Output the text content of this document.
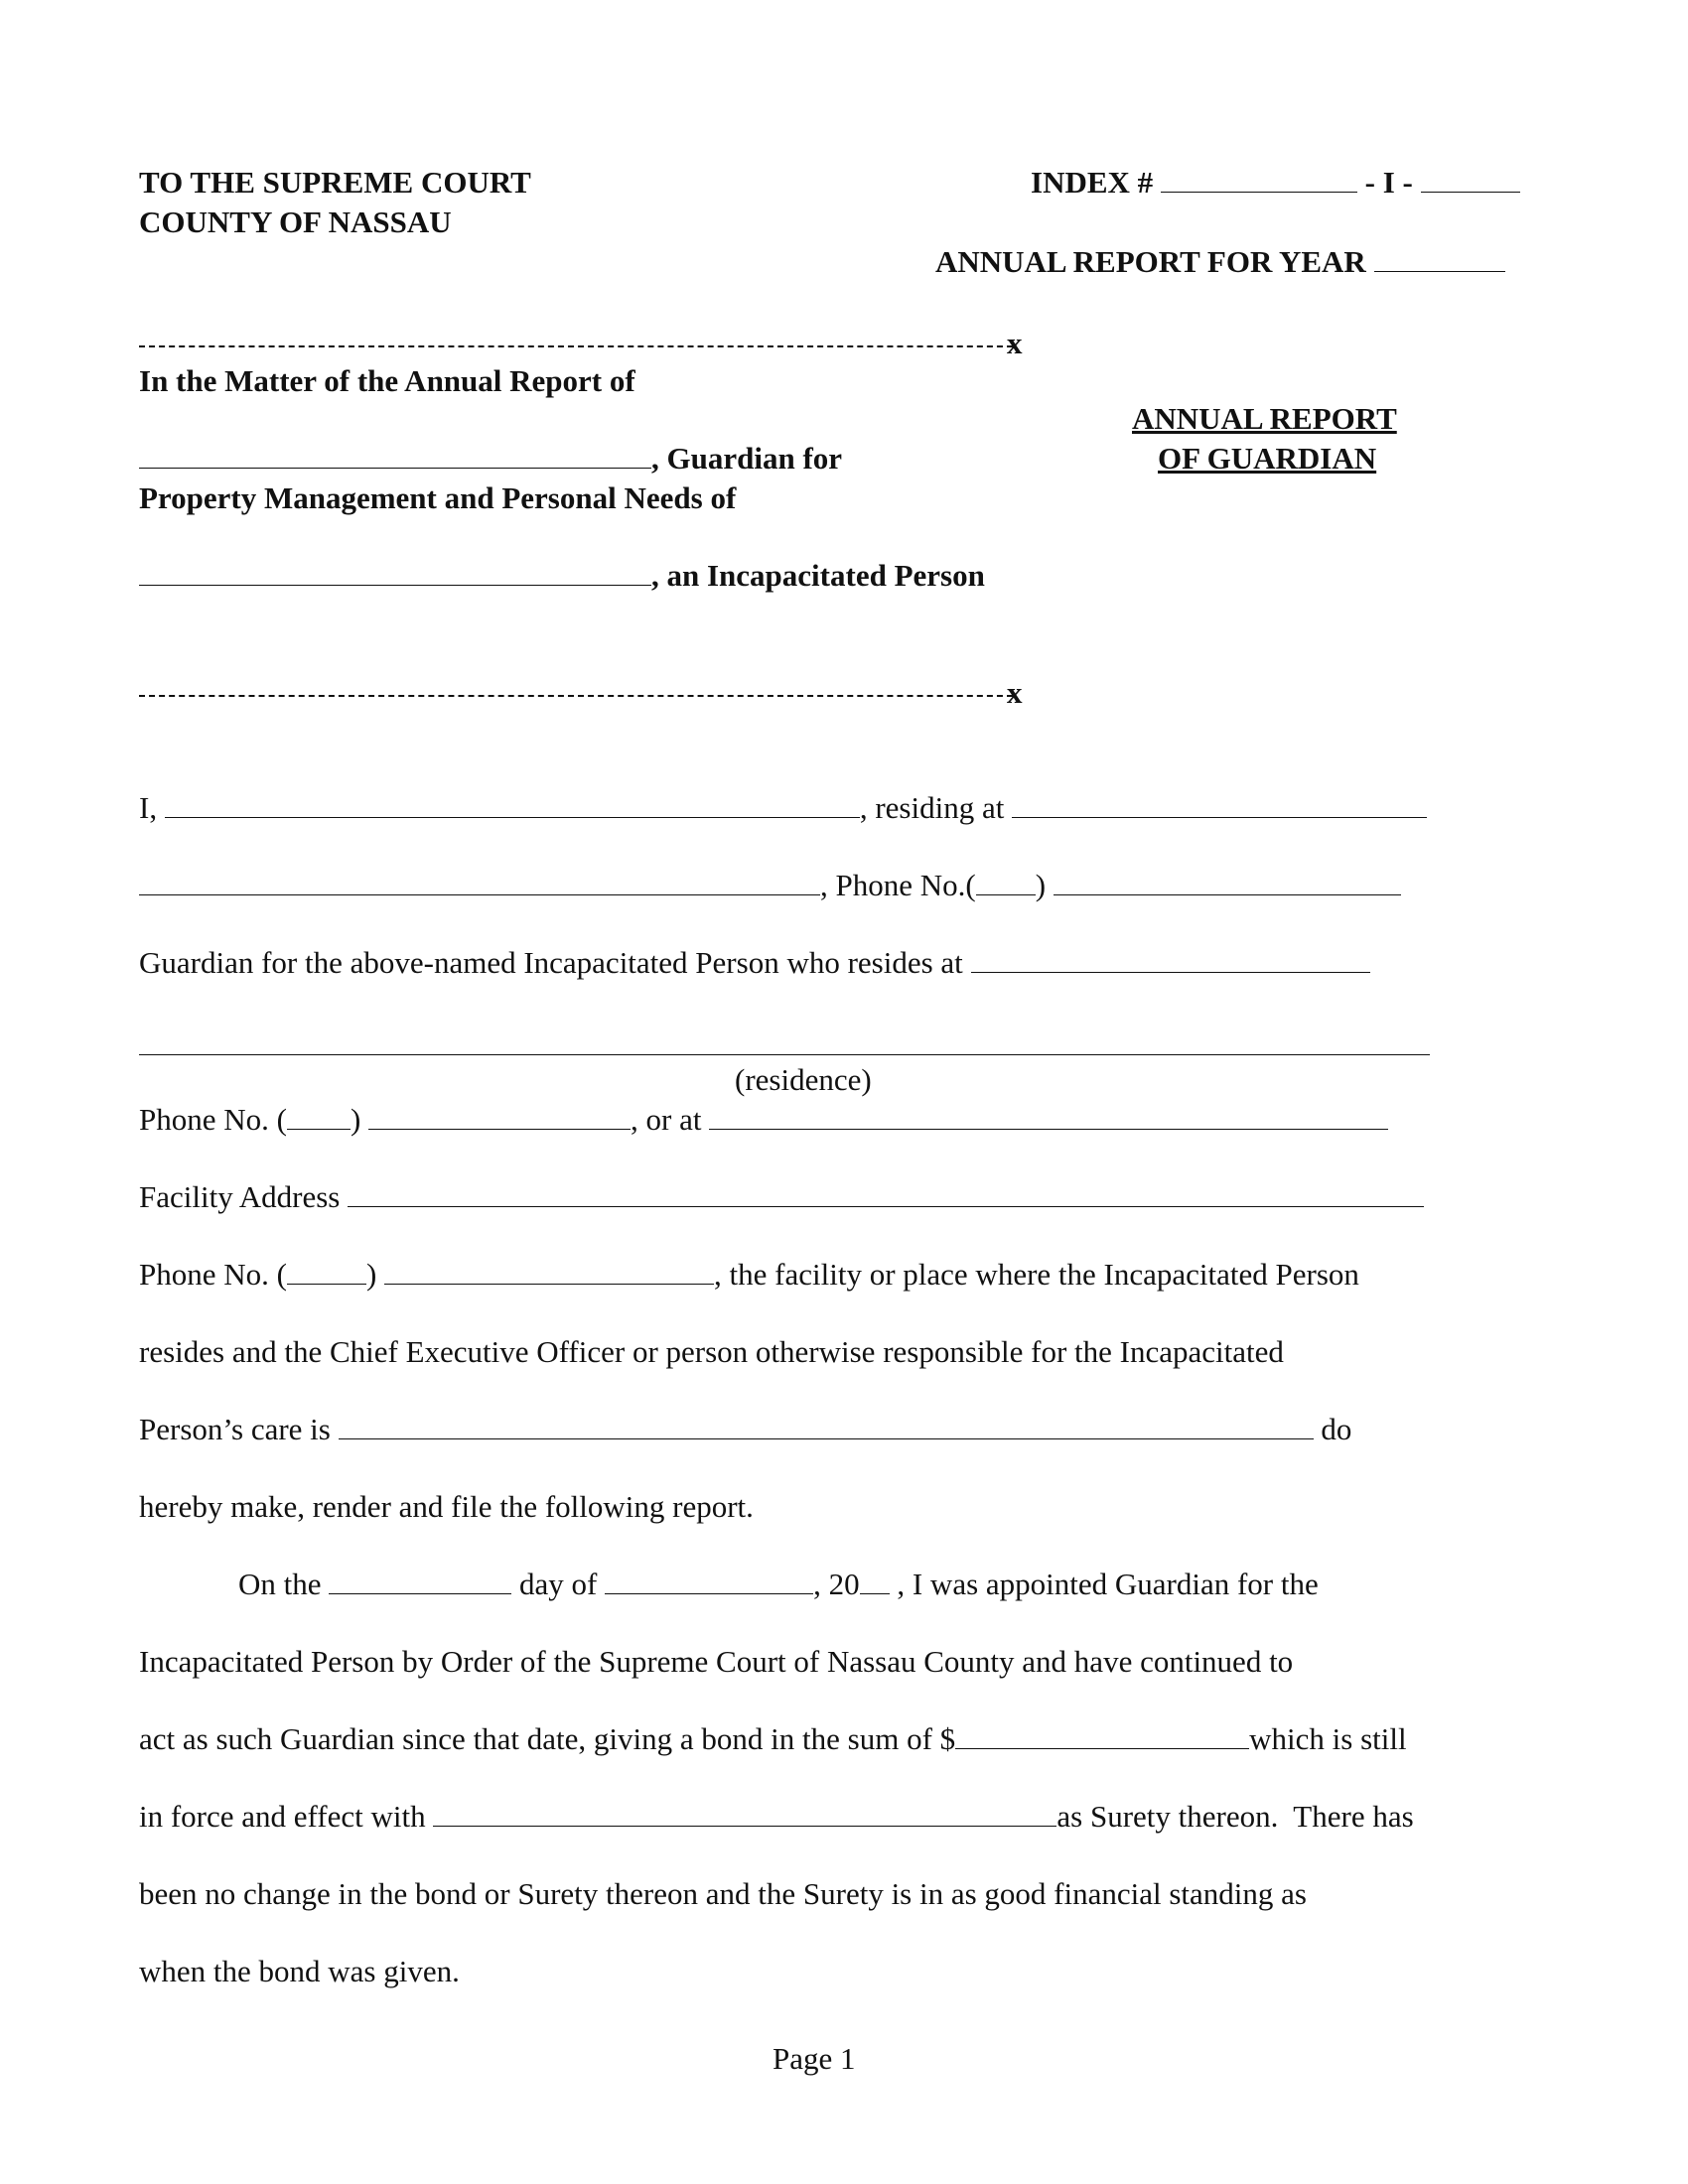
TO THE SUPREME COURT
COUNTY OF NASSAU
INDEX #	- I -
ANNUAL REPORT FOR YEAR
x
In the Matter of the Annual Report of
ANNUAL REPORT
OF GUARDIAN
, Guardian for
Property Management and Personal Needs of
, an Incapacitated Person
x
I,	, residing at
, Phone No.( )
Guardian for the above-named Incapacitated Person who resides at
(residence)
Phone No. ( )	, or at
Facility Address
Phone No. (	)	, the facility or place where the Incapacitated Person
resides and the Chief Executive Officer or person otherwise responsible for the Incapacitated
Person’s care is	do
hereby make, render and file the following report.
On the	day of	, 20 , I was appointed Guardian for the
Incapacitated Person by Order of the Supreme Court of Nassau County and have continued to
act as such Guardian since that date, giving a bond in the sum of $	which is still
in force and effect with	as Surety thereon.  There has
been no change in the bond or Surety thereon and the Surety is in as good financial standing as
when the bond was given.
Page 1
